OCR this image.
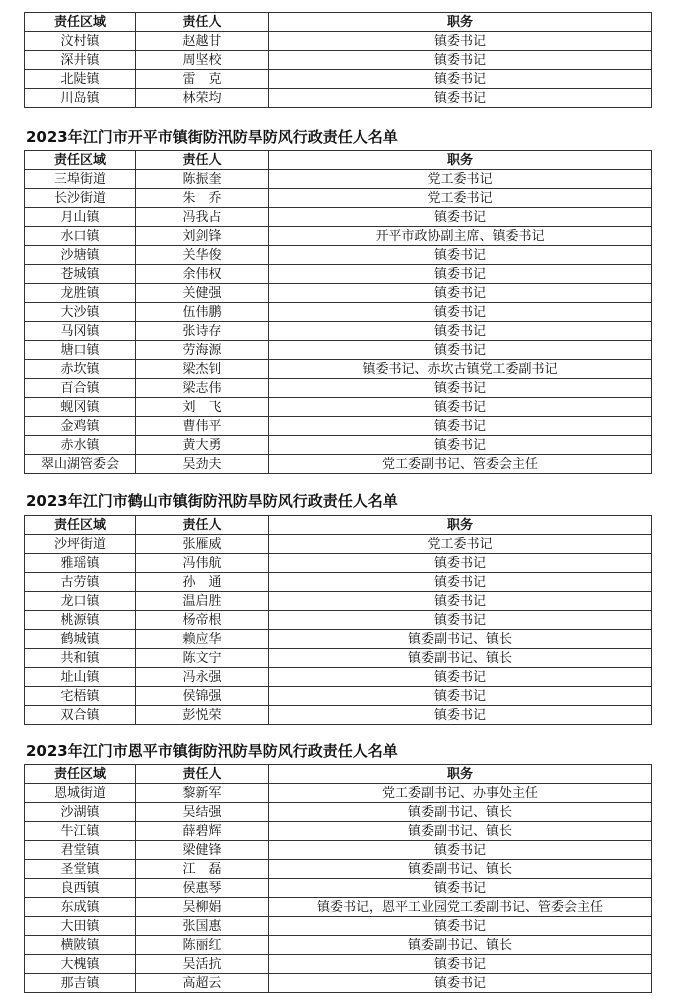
责任区域	责任人	职务
汶村镇	赵越甘	镇委书记
深井镇	周坚校	镇委书记
北陡镇	雷　克	镇委书记
川岛镇	林荣均	镇委书记
2023年江门市开平市镇街防汛防旱防风行政责任人名单
责任区域	责任人	职务
三埠街道	陈振奎	党工委书记
长沙街道	朱　乔	党工委书记
月山镇	冯我占	镇委书记
水口镇	刘剑锋	开平市政协副主席、镇委书记
沙塘镇	关华俊	镇委书记
苍城镇	余伟权	镇委书记
龙胜镇	关健强	镇委书记
大沙镇	伍伟鹏	镇委书记
马冈镇	张诗存	镇委书记
塘口镇	劳海源	镇委书记
赤坎镇	梁杰钊	镇委书记、赤坎古镇党工委副书记
百合镇	梁志伟	镇委书记
蚬冈镇	刘　飞	镇委书记
金鸡镇	曹伟平	镇委书记
赤水镇	黄大勇	镇委书记
翠山湖管委会	吴劲夫	党工委副书记、管委会主任
2023年江门市鹤山市镇街防汛防旱防风行政责任人名单
责任区域	责任人	职务
沙坪街道	张雁威	党工委书记
雅瑶镇	冯伟航	镇委书记
古劳镇	孙　通	镇委书记
龙口镇	温启胜	镇委书记
桃源镇	杨帝根	镇委书记
鹤城镇	赖应华	镇委副书记、镇长
共和镇	陈文宁	镇委副书记、镇长
址山镇	冯永强	镇委书记
宅梧镇	侯锦强	镇委书记
双合镇	彭悦荣	镇委书记
2023年江门市恩平市镇街防汛防旱防风行政责任人名单
责任区域	责任人	职务
恩城街道	黎新军	党工委副书记、办事处主任
沙湖镇	吴结强	镇委副书记、镇长
牛江镇	薛碧辉	镇委副书记、镇长
君堂镇	梁健锋	镇委书记
圣堂镇	江　磊	镇委副书记、镇长
良西镇	侯惠琴	镇委书记
东成镇	吴柳娟	镇委书记，恩平工业园党工委副书记、管委会主任
大田镇	张国惠	镇委书记
横陂镇	陈丽红	镇委副书记、镇长
大槐镇	吴活抗	镇委书记
那吉镇	高超云	镇委书记
